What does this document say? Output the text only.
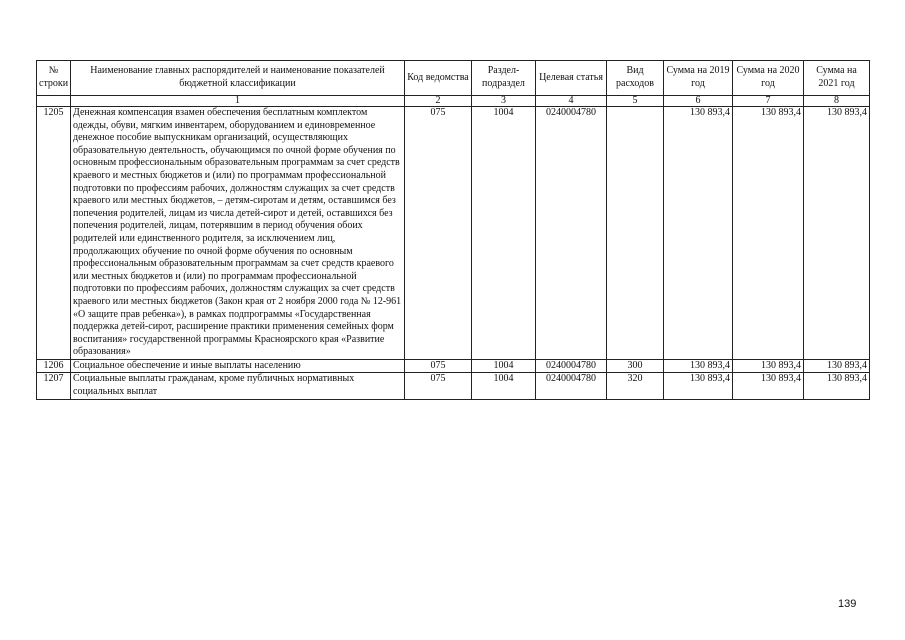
№ строки	Наименование главных распорядителей и наименование показателей бюджетной классификации	Код ведомства	Раздел-подраздел	Целевая статья	Вид расходов	Сумма на 2019 год	Сумма на 2020 год	Сумма на 2021 год
	1	2	3	4	5	6	7	8
1205	Денежная компенсация взамен обеспечения бесплатным комплектом одежды, обуви, мягким инвентарем, оборудованием и единовременное денежное пособие выпускникам организаций, осуществляющих образовательную деятельность, обучающимся по очной форме обучения по основным профессиональным образовательным программам за счет средств краевого и местных бюджетов и (или) по программам профессиональной подготовки по профессиям рабочих, должностям служащих за счет средств краевого или местных бюджетов, – детям-сиротам и детям, оставшимся без попечения родителей, лицам из числа детей-сирот и детей, оставшихся без попечения родителей, лицам, потерявшим в период обучения обоих родителей или единственного родителя, за исключением лиц, продолжающих обучение по очной форме обучения по основным профессиональным образовательным программам за счет средств краевого или местных бюджетов и (или) по программам профессиональной подготовки по профессиям рабочих, должностям служащих за счет средств краевого или местных бюджетов (Закон края от 2 ноября 2000 года № 12-961 «О защите прав ребенка»), в рамках подпрограммы «Государственная поддержка детей-сирот, расширение практики применения семейных форм воспитания» государственной программы Красноярского края «Развитие образования»	075	1004	0240004780		130 893,4	130 893,4	130 893,4
1206	Социальное обеспечение и иные выплаты населению	075	1004	0240004780	300	130 893,4	130 893,4	130 893,4
1207	Социальные выплаты гражданам, кроме публичных нормативных социальных выплат	075	1004	0240004780	320	130 893,4	130 893,4	130 893,4
139
